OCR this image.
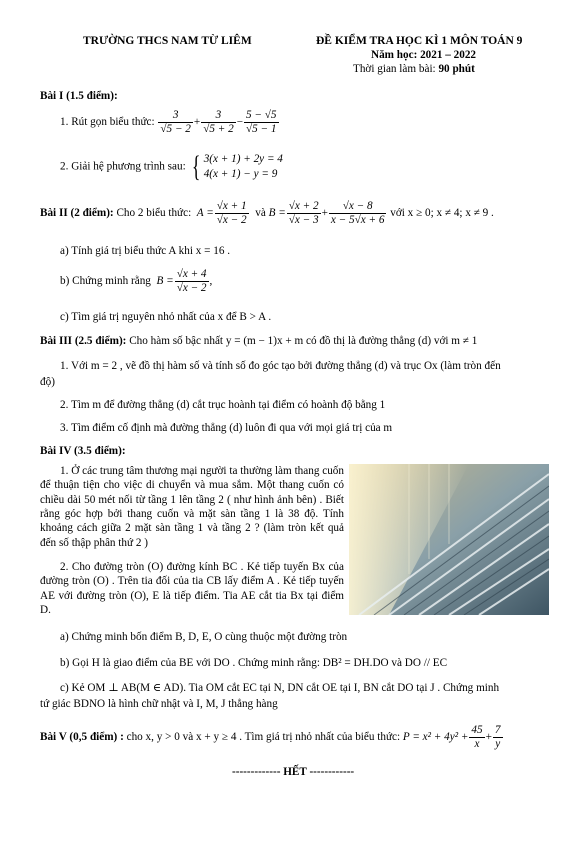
TRƯỜNG THCS NAM TỪ LIÊM	ĐỀ KIỂM TRA HỌC KÌ 1 MÔN TOÁN 9
Năm học: 2021 – 2022
Thời gian làm bài: 90 phút
Bài I (1.5 điểm):
1. Rút gọn biểu thức: $\frac{3}{√5 - 2} + \frac{3}{√5 + 2} - \frac{5 - √5}{√5 - 1}$
2. Giải hệ phương trình sau: { 3(x + 1) + 2y = 4
4(x + 1) − y = 9
Bài II (2 điểm): Cho 2 biểu thức:  $A = \frac{√x + 1}{√x - 2}$ và $B = \frac{√x + 2}{√x - 3} + \frac{√x - 8}{x - 5√x + 6}$ với x ≥ 0; x ≠ 4; x ≠ 9 .
a) Tính giá trị biểu thức A khi x = 16 .
b) Chứng minh rằng  $B = \frac{√x + 4}{√x - 2}$ ,
c) Tìm giá trị nguyên nhỏ nhất của x để B > A .
Bài III (2.5 điểm): Cho hàm số bậc nhất y = (m − 1)x + m có đồ thị là đường thẳng (d) với m ≠ 1
1. Với m = 2 , vẽ đồ thị hàm số và tính số đo góc tạo bởi đường thẳng (d) và trục Ox (làm tròn đến
độ)
2. Tìm m để đường thẳng (d) cắt trục hoành tại điểm có hoành độ bằng 1
3. Tìm điểm cố định mà đường thẳng (d) luôn đi qua với mọi giá trị của m
Bài IV (3.5 điểm):
1. Ở các trung tâm thương mại người ta thường làm thang cuốn để thuận tiện cho việc di chuyển và mua sắm. Một thang cuốn có chiều dài 50 mét nối từ tầng 1 lên tầng 2 ( như hình ảnh bên) . Biết rằng góc hợp bởi thang cuốn và mặt sàn tầng 1 là 38 độ. Tính khoảng cách giữa 2 mặt sàn tầng 1 và tầng 2 ? (làm tròn kết quả đến số thập phân thứ 2 )
2. Cho đường tròn (O) đường kính BC . Kẻ tiếp tuyến Bx của đường tròn (O) . Trên tia đối của tia CB lấy điểm A . Kẻ tiếp tuyến AE với đường tròn (O), E là tiếp điểm. Tia AE cắt tia Bx tại điểm D.
a) Chứng minh bốn điểm B, D, E, O cùng thuộc một đường tròn
b) Gọi H là giao điểm của BE với DO . Chứng minh rằng: DB² = DH.DO và DO // EC
c) Kẻ OM ⊥ AB(M ∈ AD). Tia OM cắt EC tại N, DN cắt OE tại I, BN cắt DO tại J . Chứng minh
tứ giác BDNO là hình chữ nhật và I, M, J thẳng hàng
Bài V (0,5 điểm) : cho x, y > 0 và x + y ≥ 4 . Tìm giá trị nhỏ nhất của biểu thức: $P = x^2 + 4y^2 + \frac{45}{x} + \frac{7}{y}$
------------- HẾT ------------
